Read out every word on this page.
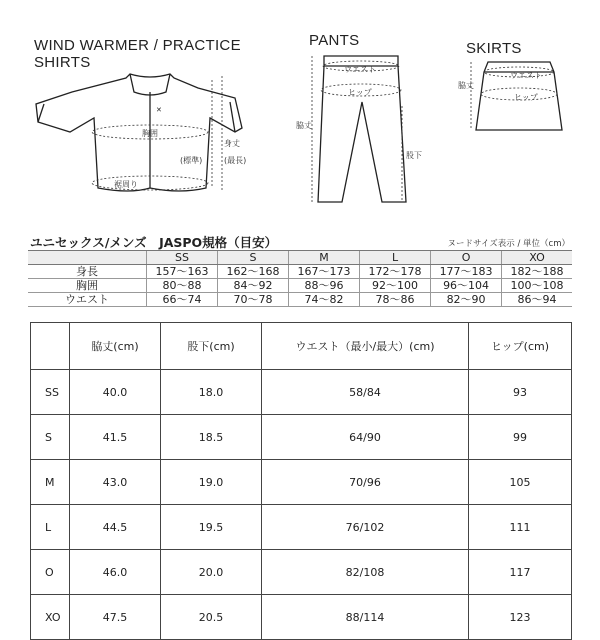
WIND WARMER / PRACTICE
SHIRTS
✕
胸囲
身丈
(標準)	(最長)
裾周り
PANTS
ウエスト
ヒップ
脇丈
股下
SKIRTS
脇丈
ウエスト
ヒップ
ユニセックス/メンズ　JASPO規格（目安）	ヌードサイズ表示 / 単位（cm）
	SS	S	M	L	O	XO
身長	157～163	162～168	167～173	172～178	177～183	182～188
胸囲	80～88	84～92	88～96	92～100	96～104	100～108
ウエスト	66～74	70～78	74～82	78～86	82～90	86～94
	脇丈(cm)	股下(cm)	ウエスト（最小/最大）(cm)	ヒップ(cm)
SS	40.0	18.0	58/84	93
S	41.5	18.5	64/90	99
M	43.0	19.0	70/96	105
L	44.5	19.5	76/102	111
O	46.0	20.0	82/108	117
XO	47.5	20.5	88/114	123
